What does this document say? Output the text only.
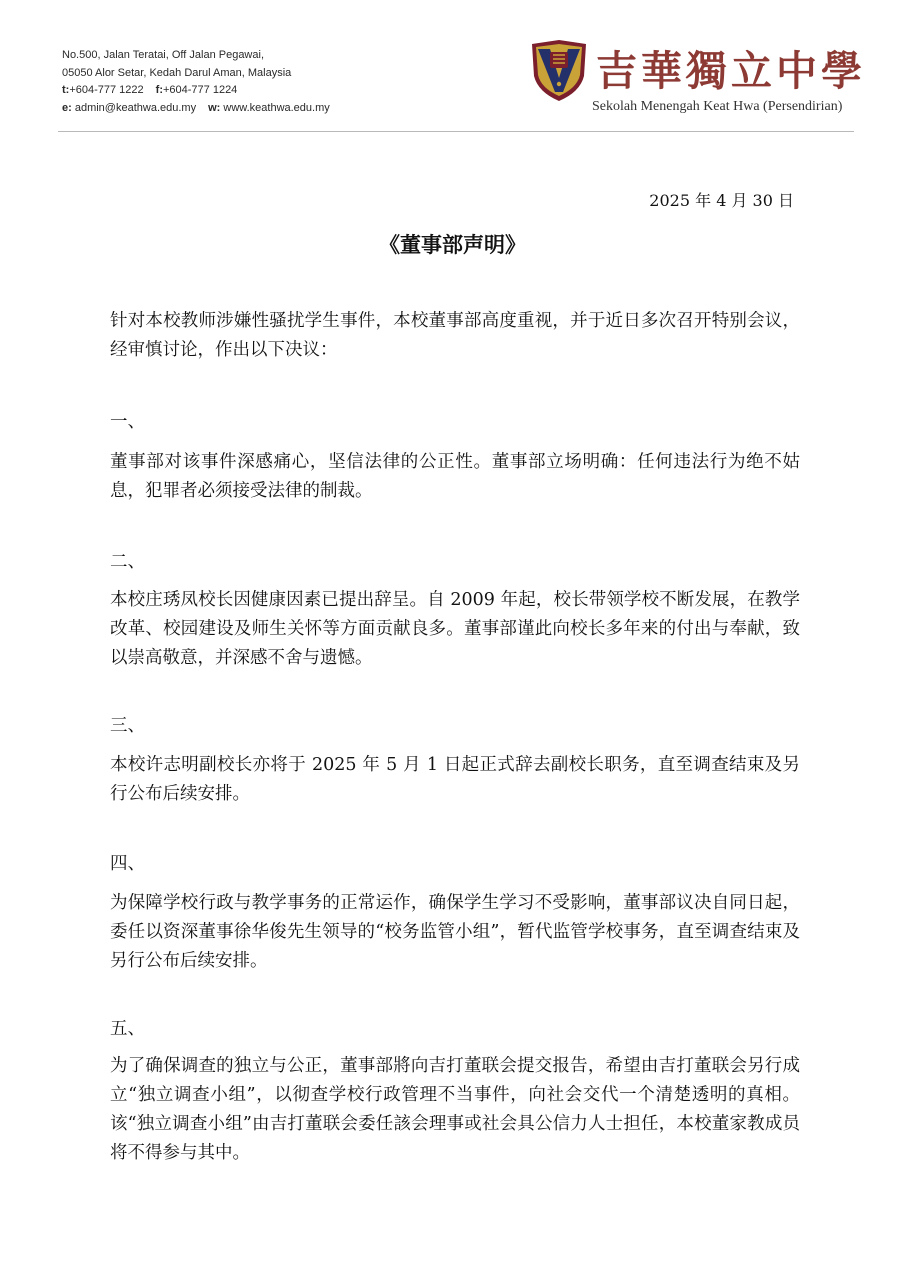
No.500, Jalan Teratai, Off Jalan Pegawai,
05050 Alor Setar, Kedah Darul Aman, Malaysia
t:+604-777 1222 f:+604-777 1224
e: admin@keathwa.edu.my w: www.keathwa.edu.my
吉華獨立中學
Sekolah Menengah Keat Hwa (Persendirian)
2025 年 4 月 30 日
《董事部声明》
针对本校教师涉嫌性骚扰学生事件，本校董事部高度重视，并于近日多次召开特别会议，经审慎讨论，作出以下决议：
一、
董事部对该事件深感痛心，坚信法律的公正性。董事部立场明确：任何违法行为绝不姑息，犯罪者必须接受法律的制裁。
二、
本校庄琇凤校长因健康因素已提出辞呈。自 2009 年起，校长带领学校不断发展，在教学改革、校园建设及师生关怀等方面贡献良多。董事部谨此向校长多年来的付出与奉献，致以崇高敬意，并深感不舍与遗憾。
三、
本校许志明副校长亦将于 2025 年 5 月 1 日起正式辞去副校长职务，直至调查结束及另行公布后续安排。
四、
为保障学校行政与教学事务的正常运作，确保学生学习不受影响，董事部议决自同日起，委任以资深董事徐华俊先生领导的“校务监管小组”，暂代监管学校事务，直至调查结束及另行公布后续安排。
五、
为了确保调查的独立与公正，董事部將向吉打董联会提交报告，希望由吉打董联会另行成立“独立调查小组”，以彻查学校行政管理不当事件，向社会交代一个清楚透明的真相。该“独立调查小组”由吉打董联会委任該会理事或社会具公信力人士担任，本校董家教成员将不得参与其中。
